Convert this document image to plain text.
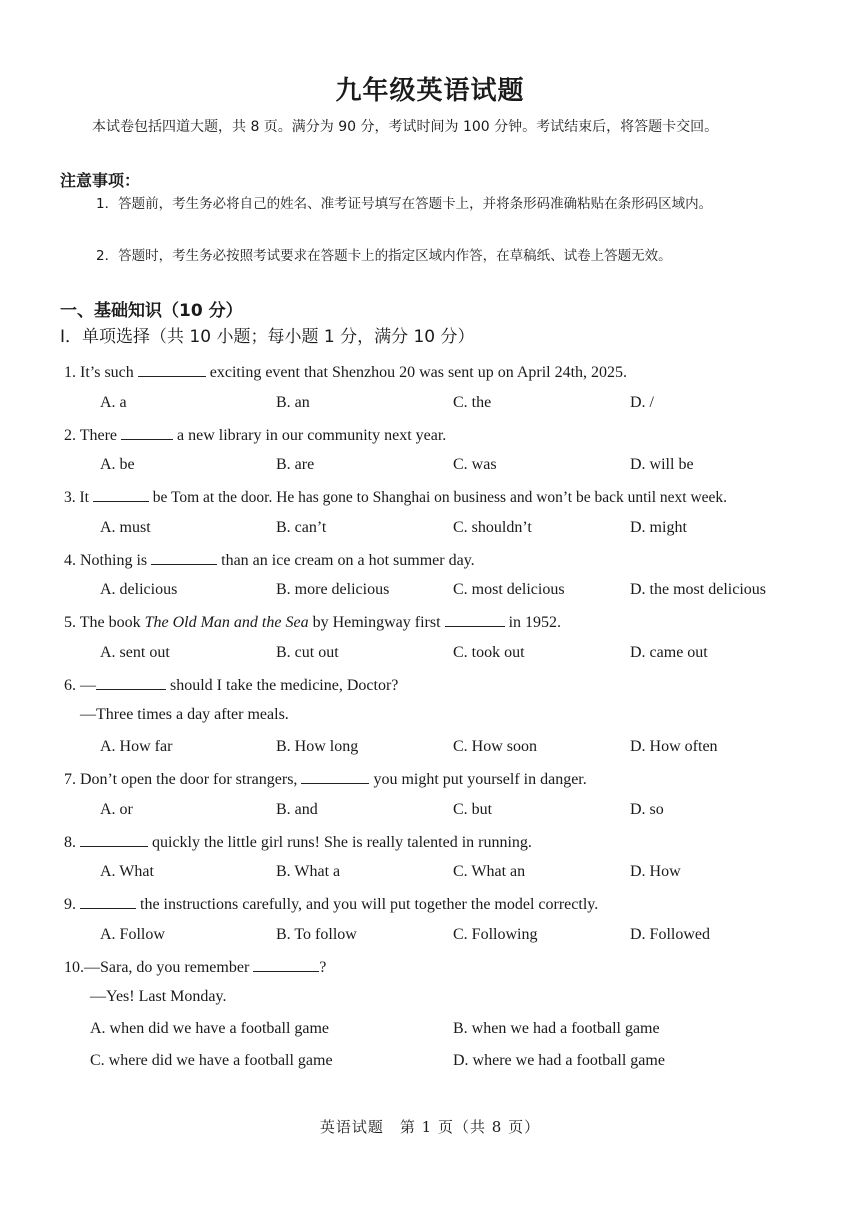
九年级英语试题
本试卷包括四道大题，共 8 页。满分为 90 分，考试时间为 100 分钟。考试结束后，将答题卡交回。
注意事项：
1．答题前，考生务必将自己的姓名、准考证号填写在答题卡上，并将条形码准确粘贴在条形码区域内。
2．答题时，考生务必按照考试要求在答题卡上的指定区域内作答，在草稿纸、试卷上答题无效。
一、基础知识（10 分）
I．单项选择（共 10 小题；每小题 1 分，满分 10 分）
1. It’s such	exciting event that Shenzhou 20 was sent up on April 24th, 2025.
A. a	B. an	C. the	D. /
2. There	a new library in our community next year.
A. be	B. are	C. was	D. will be
3. It	be Tom at the door. He has gone to Shanghai on business and won’t be back until next week.
A. must	B. can’t	C. shouldn’t	D. might
4. Nothing is	than an ice cream on a hot summer day.
A. delicious	B. more delicious	C. most delicious	D. the most delicious
5. The book The Old Man and the Sea by Hemingway first	in 1952.
A. sent out	B. cut out	C. took out	D. came out
6. —	should I take the medicine, Doctor?
—Three times a day after meals.
A. How far	B. How long	C. How soon	D. How often
7. Don’t open the door for strangers,	you might put yourself in danger.
A. or	B. and	C. but	D. so
8.	quickly the little girl runs! She is really talented in running.
A. What	B. What a	C. What an	D. How
9.	the instructions carefully, and you will put together the model correctly.
A. Follow	B. To follow	C. Following	D. Followed
10.—Sara, do you remember	?
—Yes! Last Monday.
A. when did we have a football game	B. when we had a football game
C. where did we have a football game	D. where we had a football game
英语试题　第 1 页（共 8 页）
